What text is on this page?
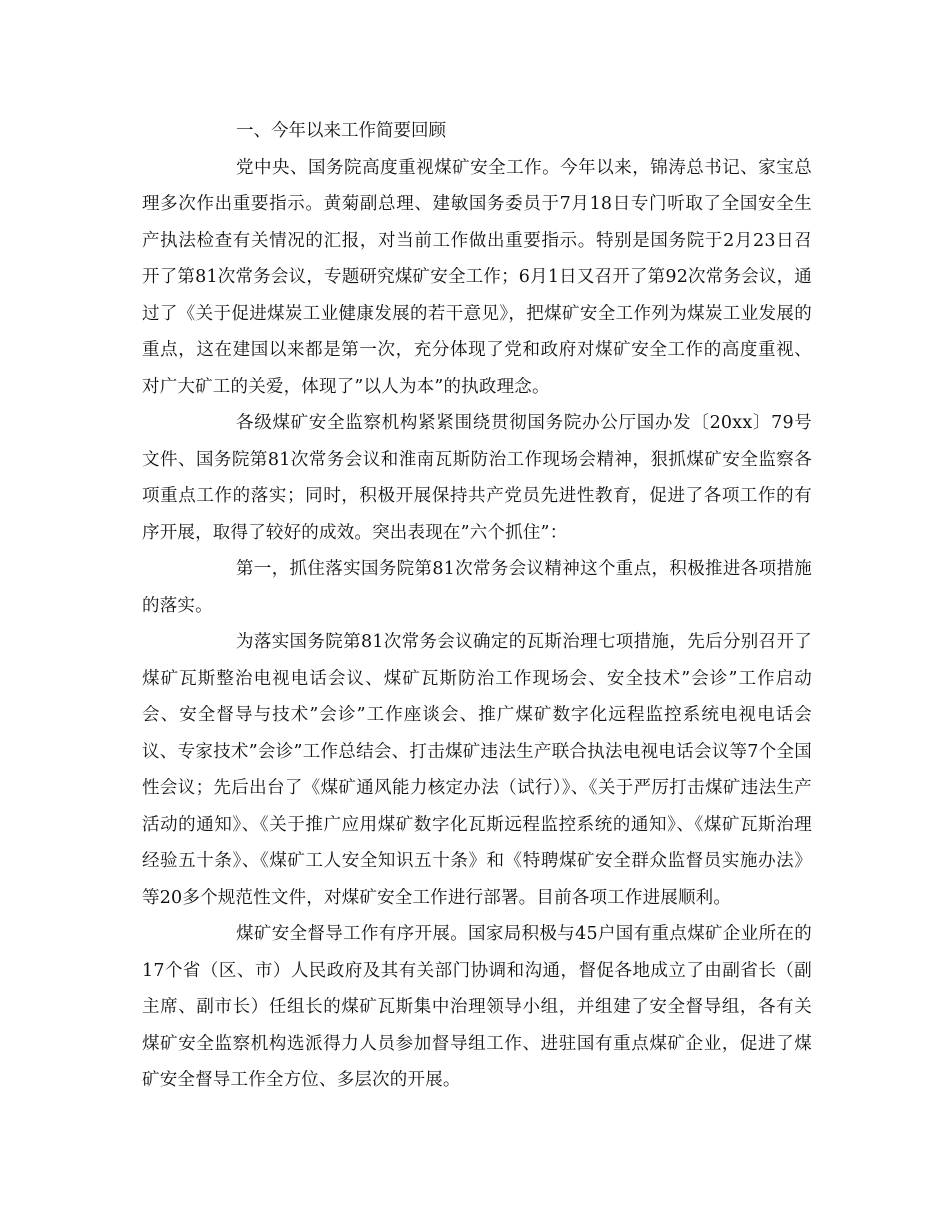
一、今年以来工作简要回顾

党中央、国务院高度重视煤矿安全工作。今年以来，锦涛总书记、家宝总理多次作出重要指示。黄菊副总理、建敏国务委员于7月18日专门听取了全国安全生产执法检查有关情况的汇报，对当前工作做出重要指示。特别是国务院于2月23日召开了第81次常务会议，专题研究煤矿安全工作；6月1日又召开了第92次常务会议，通过了《关于促进煤炭工业健康发展的若干意见》，把煤矿安全工作列为煤炭工业发展的重点，这在建国以来都是第一次，充分体现了党和政府对煤矿安全工作的高度重视、对广大矿工的关爱，体现了”以人为本”的执政理念。

各级煤矿安全监察机构紧紧围绕贯彻国务院办公厅国办发〔20xx〕79号文件、国务院第81次常务会议和淮南瓦斯防治工作现场会精神，狠抓煤矿安全监察各项重点工作的落实；同时，积极开展保持共产党员先进性教育，促进了各项工作的有序开展，取得了较好的成效。突出表现在”六个抓住”：

第一，抓住落实国务院第81次常务会议精神这个重点，积极推进各项措施的落实。

为落实国务院第81次常务会议确定的瓦斯治理七项措施，先后分别召开了煤矿瓦斯整治电视电话会议、煤矿瓦斯防治工作现场会、安全技术”会诊”工作启动会、安全督导与技术”会诊”工作座谈会、推广煤矿数字化远程监控系统电视电话会议、专家技术”会诊”工作总结会、打击煤矿违法生产联合执法电视电话会议等7个全国性会议；先后出台了《煤矿通风能力核定办法（试行）》、《关于严厉打击煤矿违法生产活动的通知》、《关于推广应用煤矿数字化瓦斯远程监控系统的通知》、《煤矿瓦斯治理经验五十条》、《煤矿工人安全知识五十条》和《特聘煤矿安全群众监督员实施办法》等20多个规范性文件，对煤矿安全工作进行部署。目前各项工作进展顺利。

煤矿安全督导工作有序开展。国家局积极与45户国有重点煤矿企业所在的17个省（区、市）人民政府及其有关部门协调和沟通，督促各地成立了由副省长（副主席、副市长）任组长的煤矿瓦斯集中治理领导小组，并组建了安全督导组，各有关煤矿安全监察机构选派得力人员参加督导组工作、进驻国有重点煤矿企业，促进了煤矿安全督导工作全方位、多层次的开展。
